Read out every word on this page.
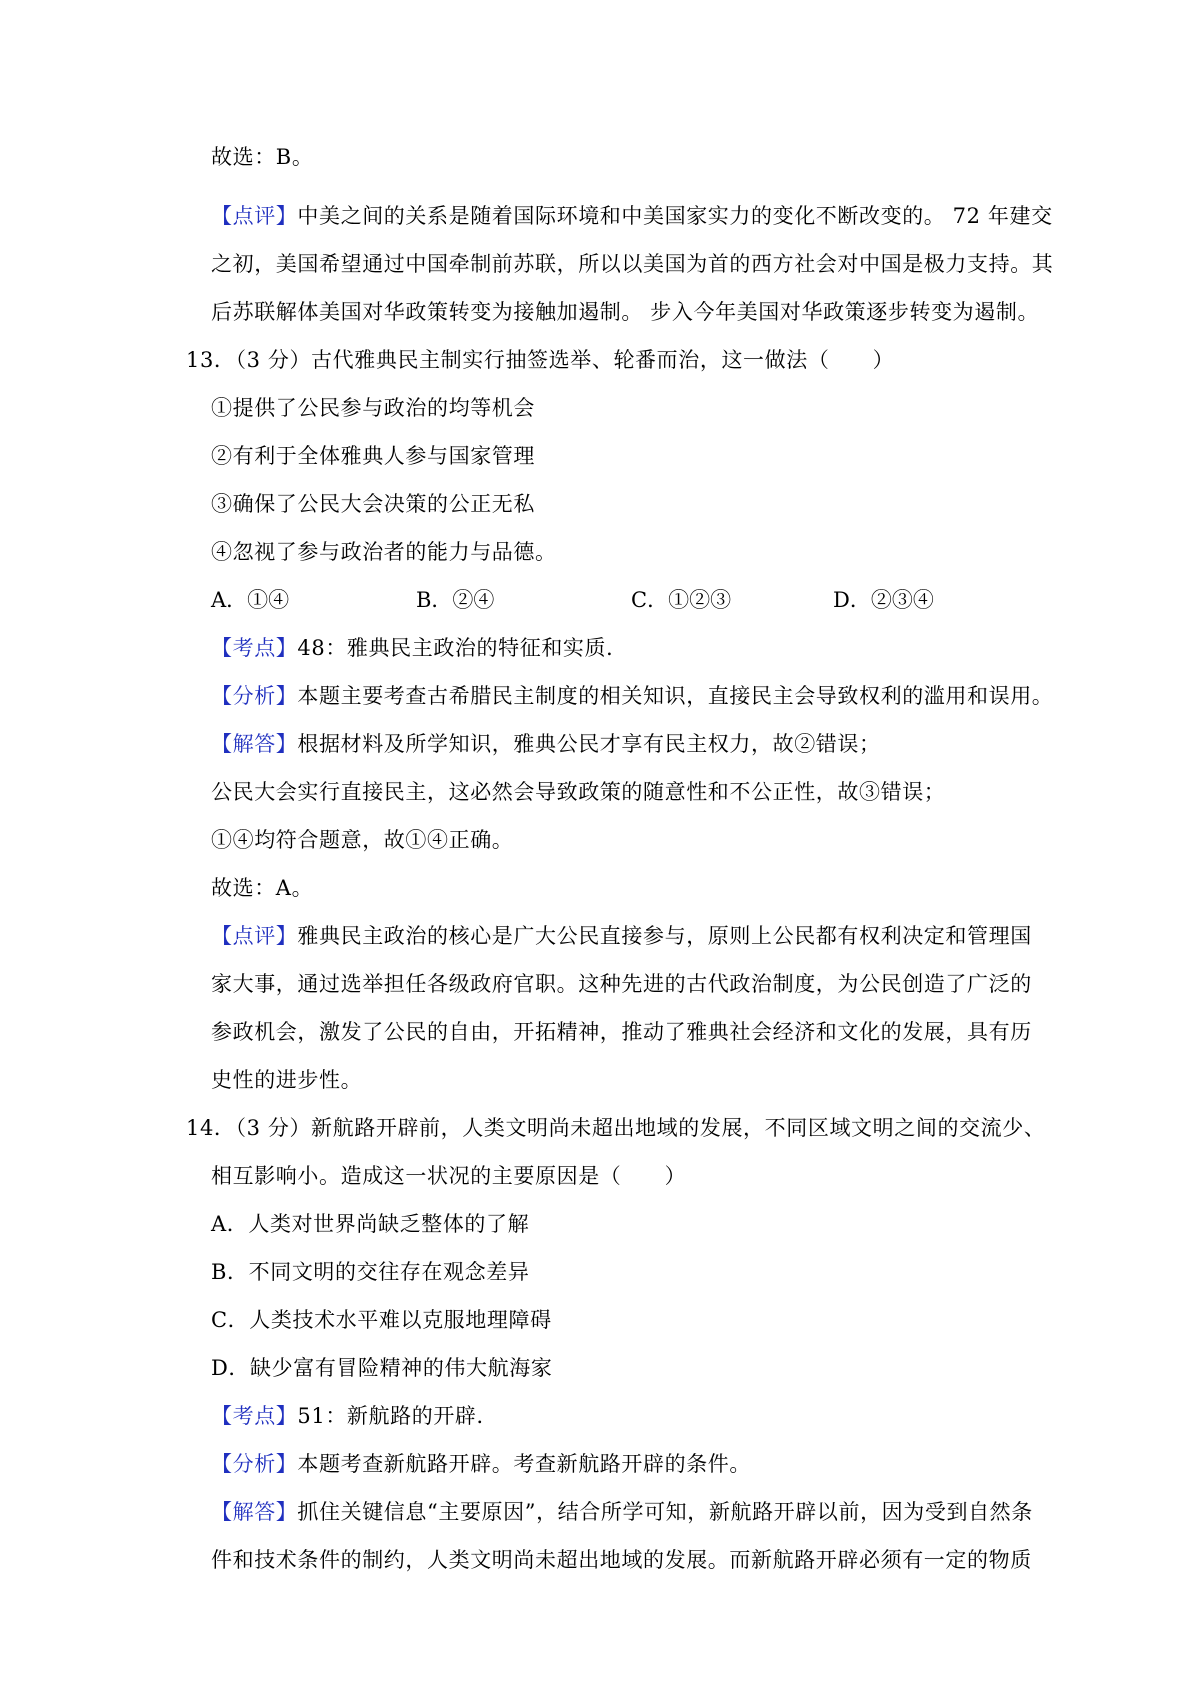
故选：B。
【点评】中美之间的关系是随着国际环境和中美国家实力的变化不断改变的。 72 年建交
之初，美国希望通过中国牵制前苏联，所以以美国为首的西方社会对中国是极力支持。其
后苏联解体美国对华政策转变为接触加遏制。 步入今年美国对华政策逐步转变为遏制。
13．（3 分）古代雅典民主制实行抽签选举、轮番而治，这一做法（　　）
①提供了公民参与政治的均等机会
②有利于全体雅典人参与国家管理
③确保了公民大会决策的公正无私
④忽视了参与政治者的能力与品德。
A．①④	B．②④	C．①②③	D．②③④
【考点】48：雅典民主政治的特征和实质．
【分析】本题主要考查古希腊民主制度的相关知识，直接民主会导致权利的滥用和误用。
【解答】根据材料及所学知识，雅典公民才享有民主权力，故②错误；
公民大会实行直接民主，这必然会导致政策的随意性和不公正性，故③错误；
①④均符合题意，故①④正确。
故选：A。
【点评】雅典民主政治的核心是广大公民直接参与，原则上公民都有权利决定和管理国
家大事，通过选举担任各级政府官职。这种先进的古代政治制度，为公民创造了广泛的
参政机会，激发了公民的自由，开拓精神，推动了雅典社会经济和文化的发展，具有历
史性的进步性。
14．（3 分）新航路开辟前，人类文明尚未超出地域的发展，不同区域文明之间的交流少、
相互影响小。造成这一状况的主要原因是（　　）
A．人类对世界尚缺乏整体的了解
B．不同文明的交往存在观念差异
C．人类技术水平难以克服地理障碍
D．缺少富有冒险精神的伟大航海家
【考点】51：新航路的开辟．
【分析】本题考查新航路开辟。考查新航路开辟的条件。
【解答】抓住关键信息“主要原因”，结合所学可知，新航路开辟以前，因为受到自然条
件和技术条件的制约，人类文明尚未超出地域的发展。而新航路开辟必须有一定的物质
